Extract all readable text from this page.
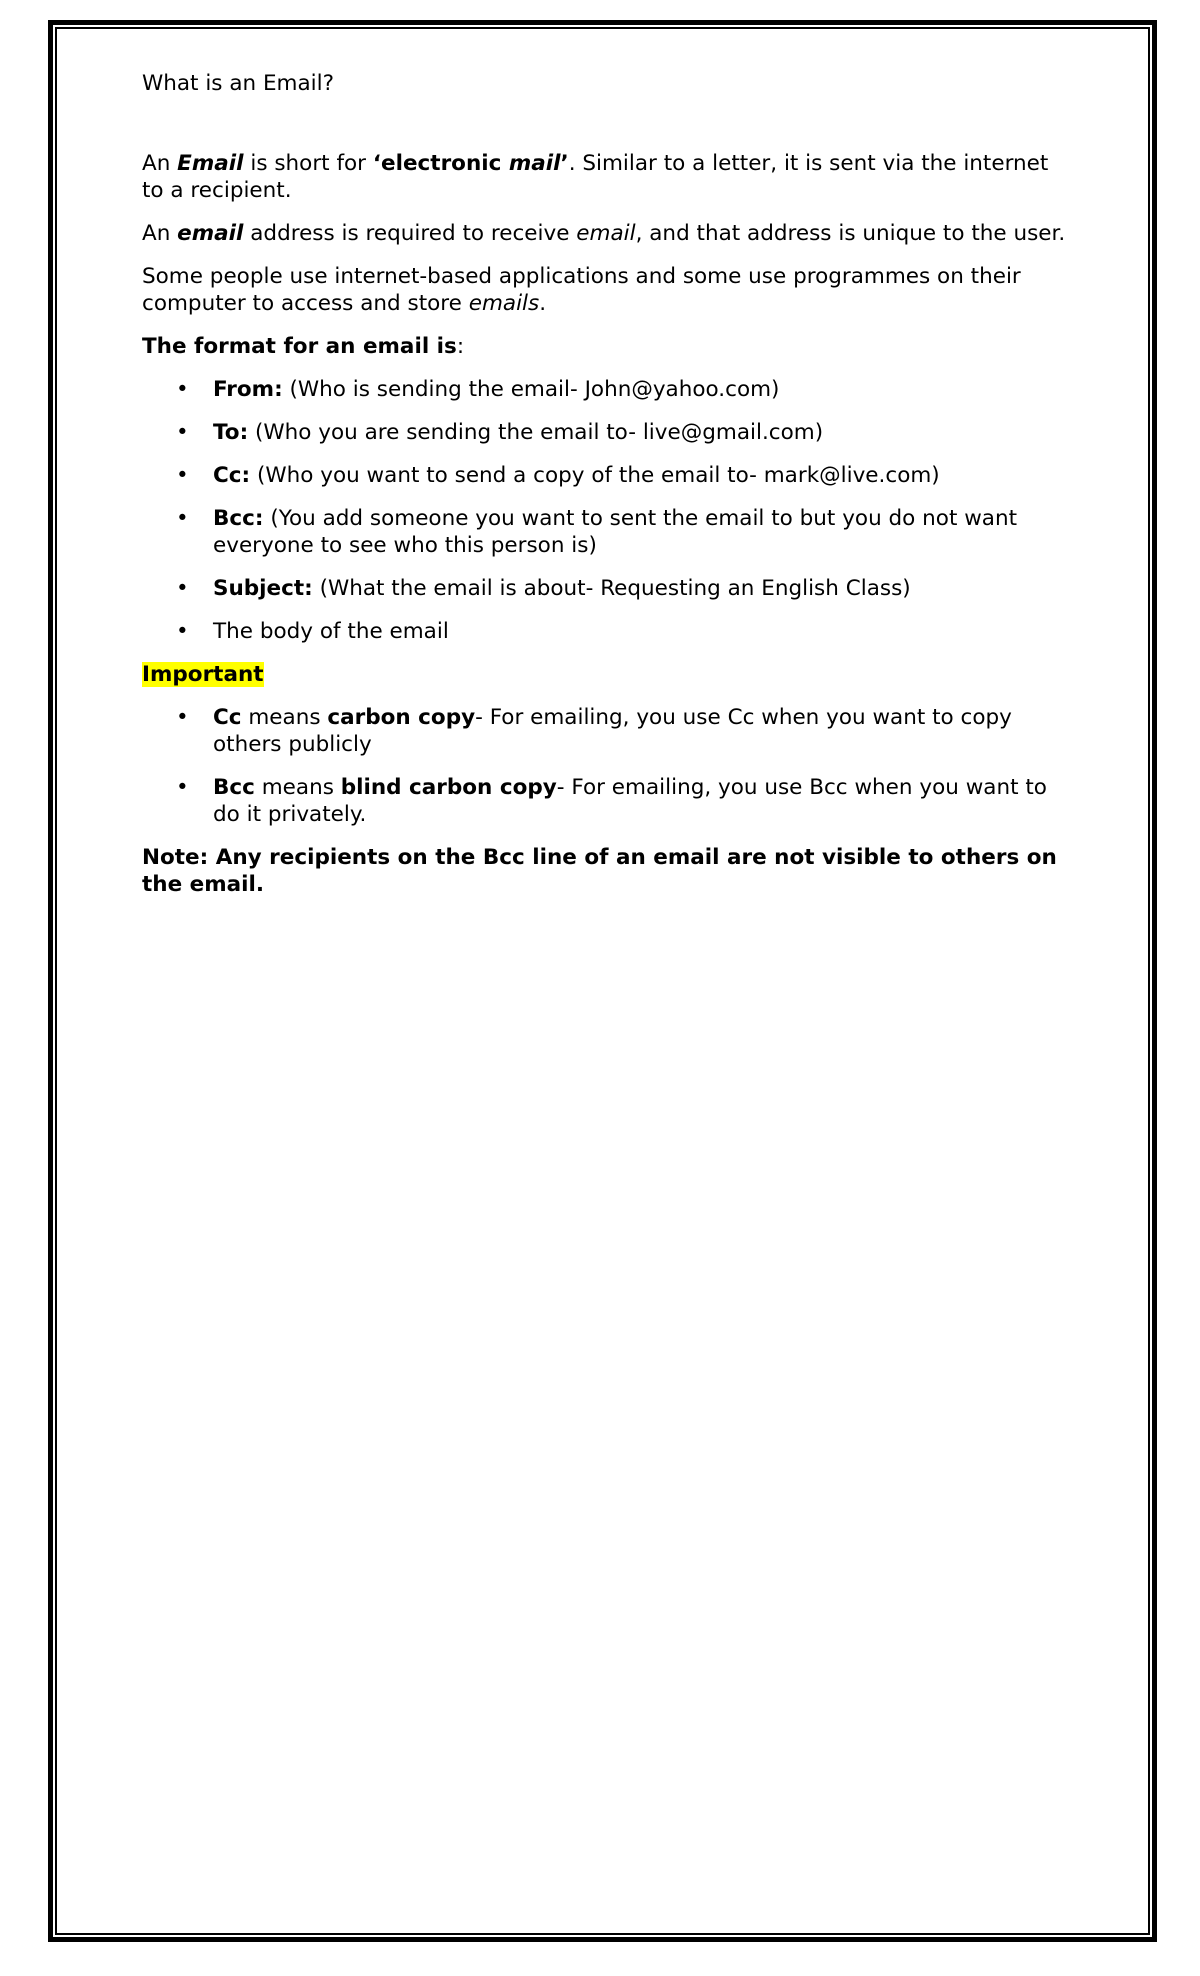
What is an Email?

An Email is short for ‘electronic mail’. Similar to a letter, it is sent via the internet to a recipient.

An email address is required to receive email, and that address is unique to the user.

Some people use internet-based applications and some use programmes on their computer to access and store emails.

The format for an email is:

• From: (Who is sending the email- John@yahoo.com)
• To: (Who you are sending the email to- live@gmail.com)
• Cc: (Who you want to send a copy of the email to- mark@live.com)
• Bcc: (You add someone you want to sent the email to but you do not want everyone to see who this person is)
• Subject: (What the email is about- Requesting an English Class)
• The body of the email

Important

• Cc means carbon copy- For emailing, you use Cc when you want to copy others publicly
• Bcc means blind carbon copy- For emailing, you use Bcc when you want to do it privately.

Note: Any recipients on the Bcc line of an email are not visible to others on the email.
